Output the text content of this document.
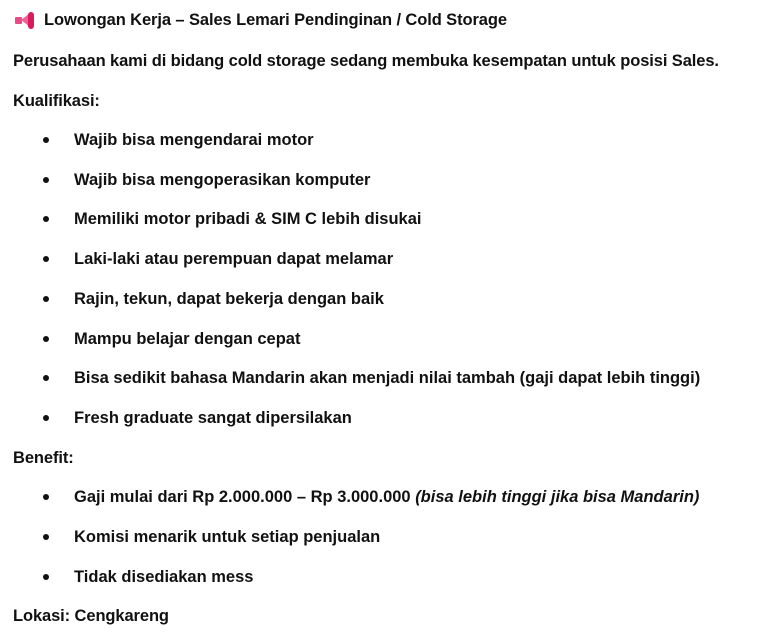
Lowongan Kerja – Sales Lemari Pendinginan / Cold Storage
Perusahaan kami di bidang cold storage sedang membuka kesempatan untuk posisi Sales.
Kualifikasi:
Wajib bisa mengendarai motor
Wajib bisa mengoperasikan komputer
Memiliki motor pribadi & SIM C lebih disukai
Laki-laki atau perempuan dapat melamar
Rajin, tekun, dapat bekerja dengan baik
Mampu belajar dengan cepat
Bisa sedikit bahasa Mandarin akan menjadi nilai tambah (gaji dapat lebih tinggi)
Fresh graduate sangat dipersilakan
Benefit:
Gaji mulai dari Rp 2.000.000 – Rp 3.000.000 (bisa lebih tinggi jika bisa Mandarin)
Komisi menarik untuk setiap penjualan
Tidak disediakan mess
Lokasi: Cengkareng
